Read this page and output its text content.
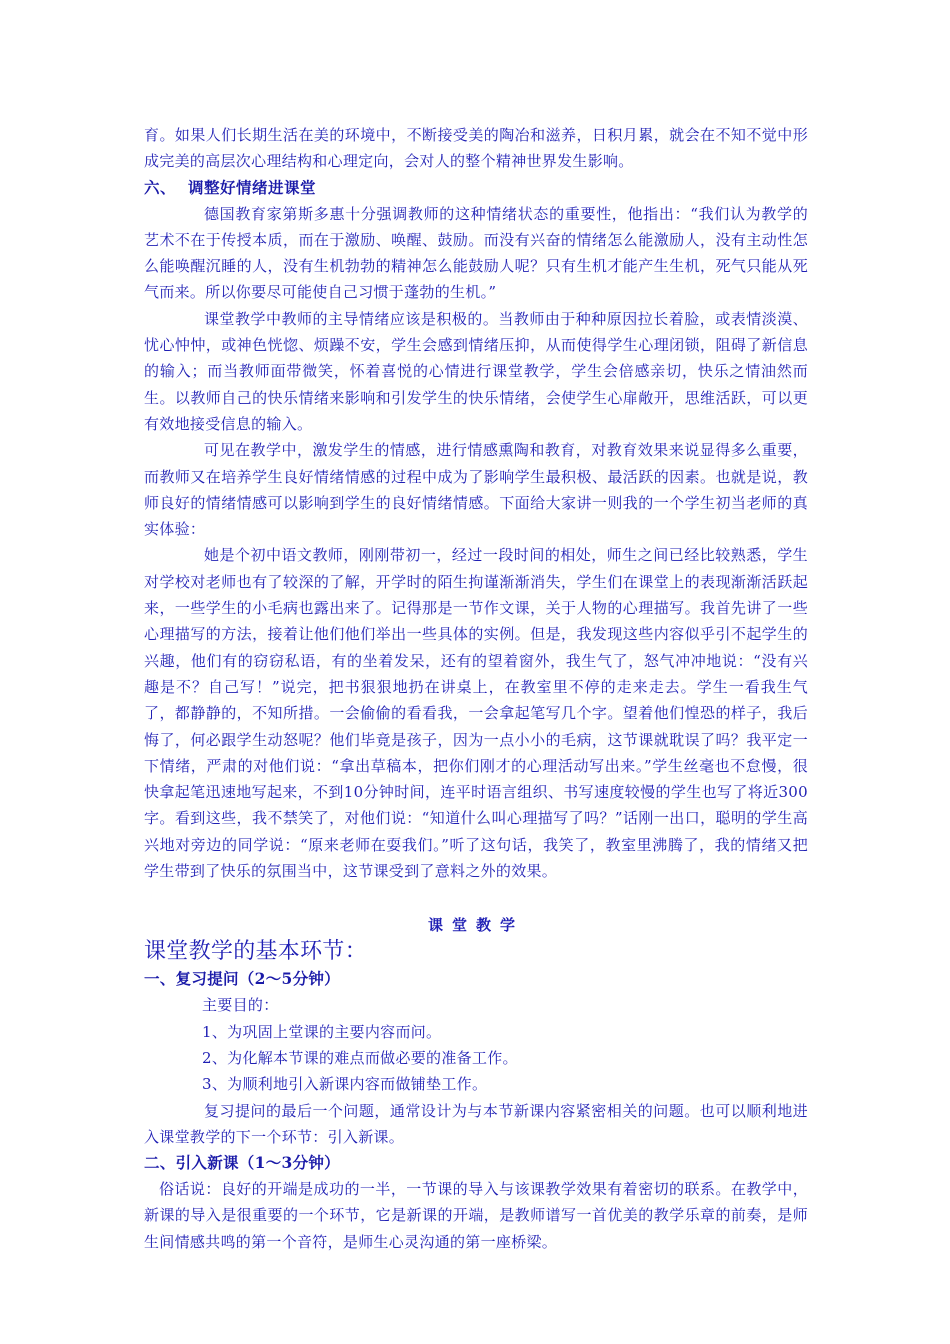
育。如果人们长期生活在美的环境中，不断接受美的陶冶和滋养，日积月累，就会在不知不觉中形成完美的高层次心理结构和心理定向，会对人的整个精神世界发生影响。

六、 调整好情绪进课堂

德国教育家第斯多惠十分强调教师的这种情绪状态的重要性，他指出：“我们认为教学的艺术不在于传授本质，而在于激励、唤醒、鼓励。而没有兴奋的情绪怎么能激励人，没有主动性怎么能唤醒沉睡的人，没有生机勃勃的精神怎么能鼓励人呢？只有生机才能产生生机，死气只能从死气而来。所以你要尽可能使自己习惯于蓬勃的生机。”

课堂教学中教师的主导情绪应该是积极的。当教师由于种种原因拉长着脸，或表情淡漠、忧心忡忡，或神色恍惚、烦躁不安，学生会感到情绪压抑，从而使得学生心理闭锁，阻碍了新信息的输入；而当教师面带微笑，怀着喜悦的心情进行课堂教学，学生会倍感亲切，快乐之情油然而生。以教师自己的快乐情绪来影响和引发学生的快乐情绪，会使学生心扉敞开，思维活跃，可以更有效地接受信息的输入。

可见在教学中，激发学生的情感，进行情感熏陶和教育，对教育效果来说显得多么重要，而教师又在培养学生良好情绪情感的过程中成为了影响学生最积极、最活跃的因素。也就是说，教师良好的情绪情感可以影响到学生的良好情绪情感。下面给大家讲一则我的一个学生初当老师的真实体验：

她是个初中语文教师，刚刚带初一，经过一段时间的相处，师生之间已经比较熟悉，学生对学校对老师也有了较深的了解，开学时的陌生拘谨渐渐消失，学生们在课堂上的表现渐渐活跃起来，一些学生的小毛病也露出来了。记得那是一节作文课，关于人物的心理描写。我首先讲了一些心理描写的方法，接着让他们他们举出一些具体的实例。但是，我发现这些内容似乎引不起学生的兴趣，他们有的窃窃私语，有的坐着发呆，还有的望着窗外，我生气了，怒气冲冲地说：“没有兴趣是不？自己写！”说完，把书狠狠地扔在讲桌上，在教室里不停的走来走去。学生一看我生气了，都静静的，不知所措。一会偷偷的看看我，一会拿起笔写几个字。望着他们惶恐的样子，我后悔了，何必跟学生动怒呢？他们毕竟是孩子，因为一点小小的毛病，这节课就耽误了吗？我平定一下情绪，严肃的对他们说：“拿出草稿本，把你们刚才的心理活动写出来。”学生丝毫也不怠慢，很快拿起笔迅速地写起来，不到10分钟时间，连平时语言组织、书写速度较慢的学生也写了将近300字。看到这些，我不禁笑了，对他们说：“知道什么叫心理描写了吗？”话刚一出口，聪明的学生高兴地对旁边的同学说：“原来老师在耍我们。”听了这句话，我笑了，教室里沸腾了，我的情绪又把学生带到了快乐的氛围当中，这节课受到了意料之外的效果。

课堂教学

课堂教学的基本环节：

一、复习提问（2～5分钟）

主要目的：

1、为巩固上堂课的主要内容而问。

2、为化解本节课的难点而做必要的准备工作。

3、为顺利地引入新课内容而做铺垫工作。

复习提问的最后一个问题，通常设计为与本节新课内容紧密相关的问题。也可以顺利地进入课堂教学的下一个环节：引入新课。

二、引入新课（1～3分钟）

俗话说：良好的开端是成功的一半，一节课的导入与该课教学效果有着密切的联系。在教学中，新课的导入是很重要的一个环节，它是新课的开端，是教师谱写一首优美的教学乐章的前奏，是师生间情感共鸣的第一个音符，是师生心灵沟通的第一座桥梁。
